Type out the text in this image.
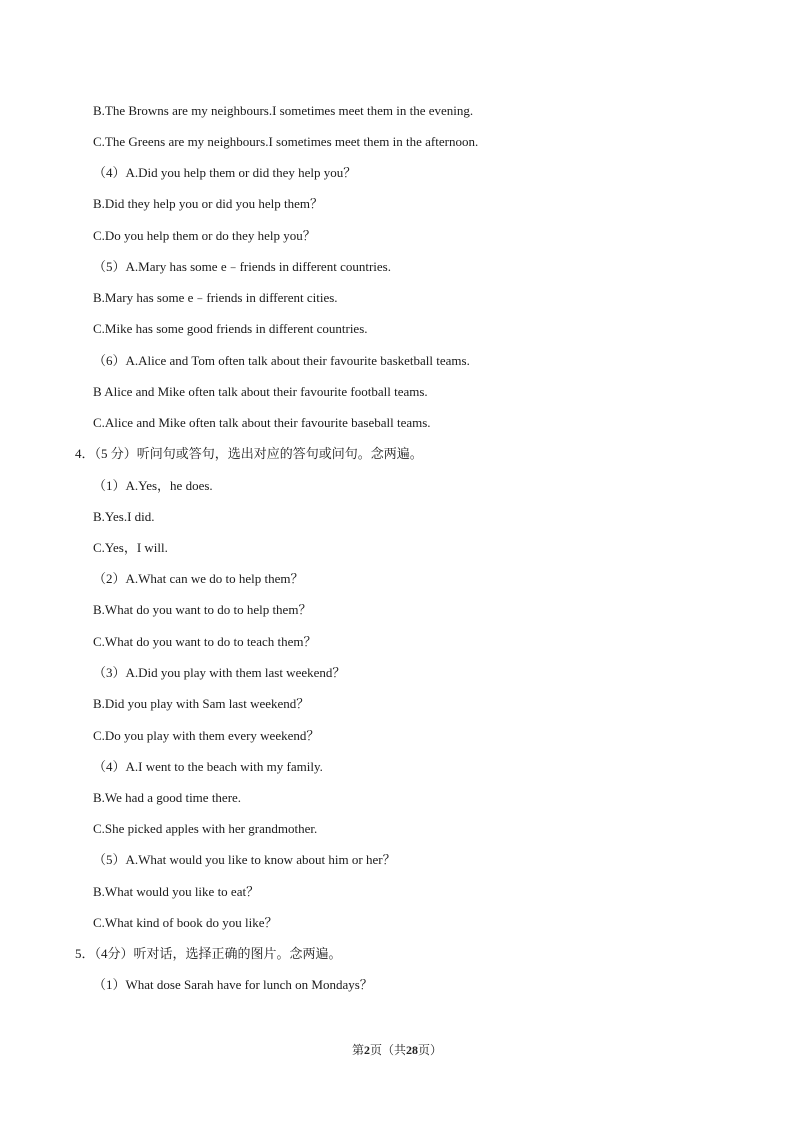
B.The Browns are my neighbours.I sometimes meet them in the evening.
C.The Greens are my neighbours.I sometimes meet them in the afternoon.
（4）A.Did you help them or did they help you？
B.Did they help you or did you help them？
C.Do you help them or do they help you？
（5）A.Mary has some e﹣friends in different countries.
B.Mary has some e﹣friends in different cities.
C.Mike has some good friends in different countries.
（6）A.Alice and Tom often talk about their favourite basketball teams.
B Alice and Mike often talk about their favourite football teams.
C.Alice and Mike often talk about their favourite baseball teams.
4．（5 分）听问句或答句，选出对应的答句或问句。念两遍。
（1）A.Yes，he does.
B.Yes.I did.
C.Yes，I will.
（2）A.What can we do to help them？
B.What do you want to do to help them？
C.What do you want to do to teach them？
（3）A.Did you play with them last weekend？
B.Did you play with Sam last weekend？
C.Do you play with them every weekend？
（4）A.I went to the beach with my family.
B.We had a good time there.
C.She picked apples with her grandmother.
（5）A.What would you like to know about him or her？
B.What would you like to eat？
C.What kind of book do you like？
5．（4分）听对话，选择正确的图片。念两遍。
（1）What dose Sarah have for lunch on Mondays？
第2页（共28页）
